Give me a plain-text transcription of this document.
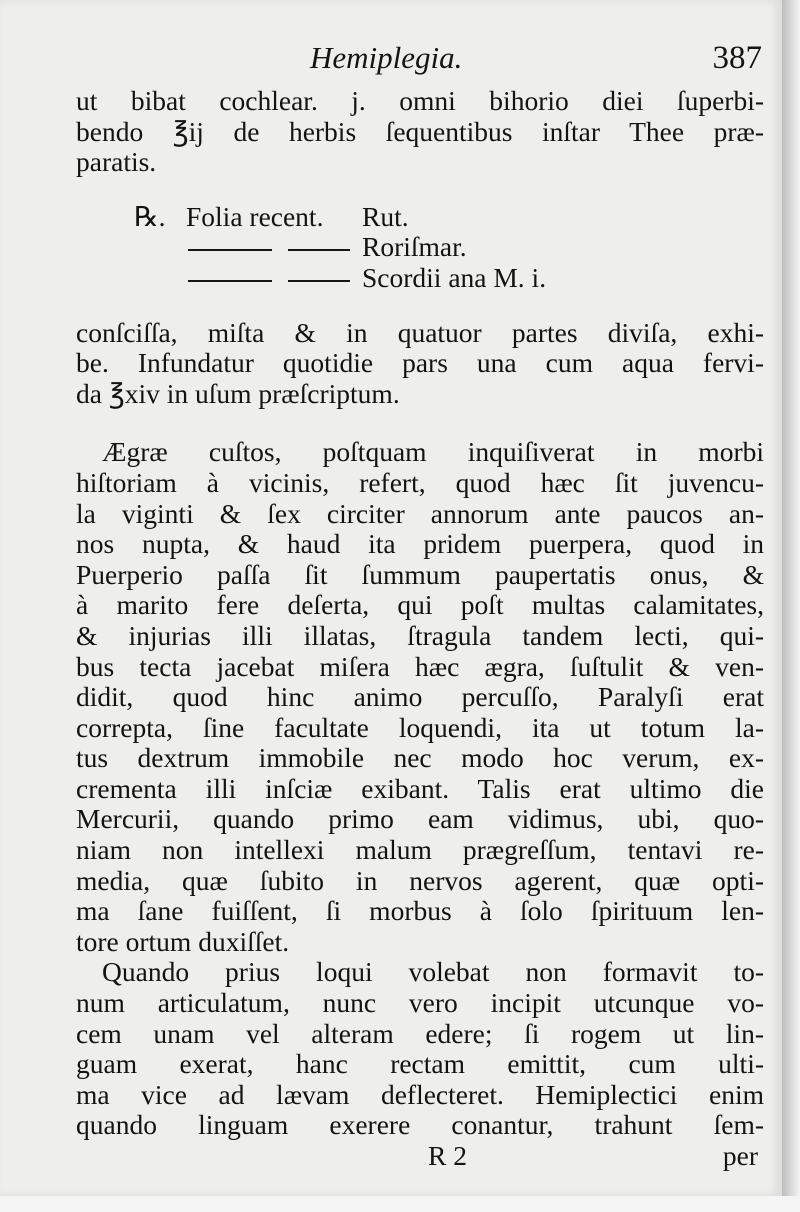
Hemiplegia.	387
ut bibat cochlear. j. omni bihorio diei ſuperbi-
bendo ℥ij de herbis ſequentibus inſtar Thee præ-
paratis.
℞. Folia recent. Rut.
Roriſmar.
Scordii ana M. i.
conſciſſa, miſta & in quatuor partes diviſa, exhi-
be. Infundatur quotidie pars una cum aqua fervi-
da ℥xiv in uſum præſcriptum.
Ægræ cuſtos, poſtquam inquiſiverat in morbi
hiſtoriam à vicinis, refert, quod hæc ſit juvencu-
la viginti & ſex circiter annorum ante paucos an-
nos nupta, & haud ita pridem puerpera, quod in
Puerperio paſſa ſit ſummum paupertatis onus, &
à marito fere deſerta, qui poſt multas calamitates,
& injurias illi illatas, ſtragula tandem lecti, qui-
bus tecta jacebat miſera hæc ægra, ſuſtulit & ven-
didit, quod hinc animo percuſſo, Paralyſi erat
correpta, ſine facultate loquendi, ita ut totum la-
tus dextrum immobile nec modo hoc verum, ex-
crementa illi inſciæ exibant. Talis erat ultimo die
Mercurii, quando primo eam vidimus, ubi, quo-
niam non intellexi malum prægreſſum, tentavi re-
media, quæ ſubito in nervos agerent, quæ opti-
ma ſane fuiſſent, ſi morbus à ſolo ſpirituum len-
tore ortum duxiſſet.
Quando prius loqui volebat non formavit to-
num articulatum, nunc vero incipit utcunque vo-
cem unam vel alteram edere; ſi rogem ut lin-
guam exerat, hanc rectam emittit, cum ulti-
ma vice ad lævam deflecteret. Hemiplectici enim
quando linguam exerere conantur, trahunt ſem-
R 2	per
